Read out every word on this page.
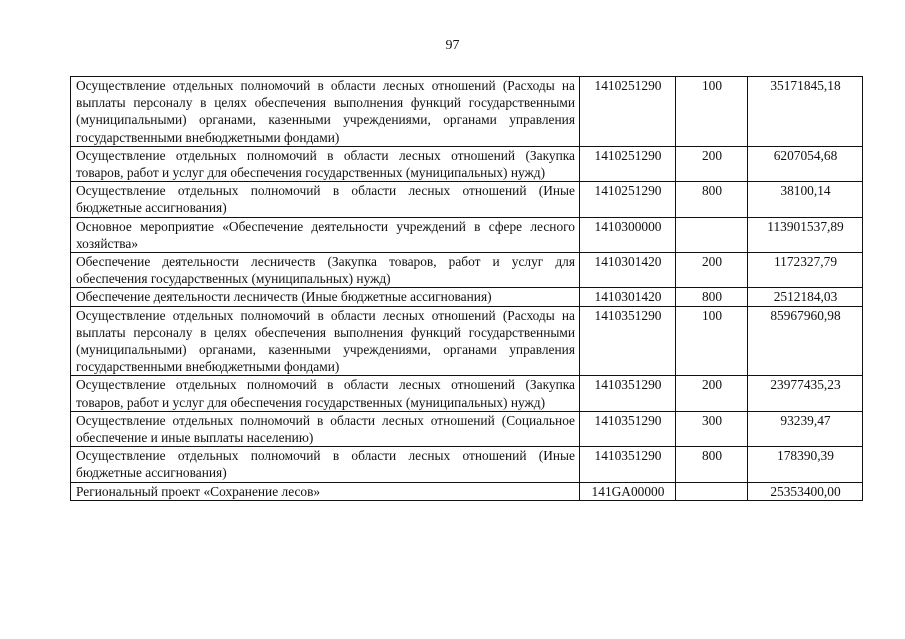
97
Осуществление отдельных полномочий в области лесных отношений (Расходы на выплаты персоналу в целях обеспечения выполнения функций государственными (муниципальными) органами, казенными учреждениями, органами управления государственными внебюджетными фондами)	1410251290	100	35171845,18
Осуществление отдельных полномочий в области лесных отношений (Закупка товаров, работ и услуг для обеспечения государственных (муниципальных) нужд)	1410251290	200	6207054,68
Осуществление отдельных полномочий в области лесных отношений (Иные бюджетные ассигнования)	1410251290	800	38100,14
Основное мероприятие «Обеспечение деятельности учреждений в сфере лесного хозяйства»	1410300000		113901537,89
Обеспечение деятельности лесничеств (Закупка товаров, работ и услуг для обеспечения государственных (муниципальных) нужд)	1410301420	200	1172327,79
Обеспечение деятельности лесничеств (Иные бюджетные ассигнования)	1410301420	800	2512184,03
Осуществление отдельных полномочий в области лесных отношений (Расходы на выплаты персоналу в целях обеспечения выполнения функций государственными (муниципальными) органами, казенными учреждениями, органами управления государственными внебюджетными фондами)	1410351290	100	85967960,98
Осуществление отдельных полномочий в области лесных отношений (Закупка товаров, работ и услуг для обеспечения государственных (муниципальных) нужд)	1410351290	200	23977435,23
Осуществление отдельных полномочий в области лесных отношений (Социальное обеспечение и иные выплаты населению)	1410351290	300	93239,47
Осуществление отдельных полномочий в области лесных отношений (Иные бюджетные ассигнования)	1410351290	800	178390,39
Региональный проект «Сохранение лесов»	141GA00000		25353400,00
